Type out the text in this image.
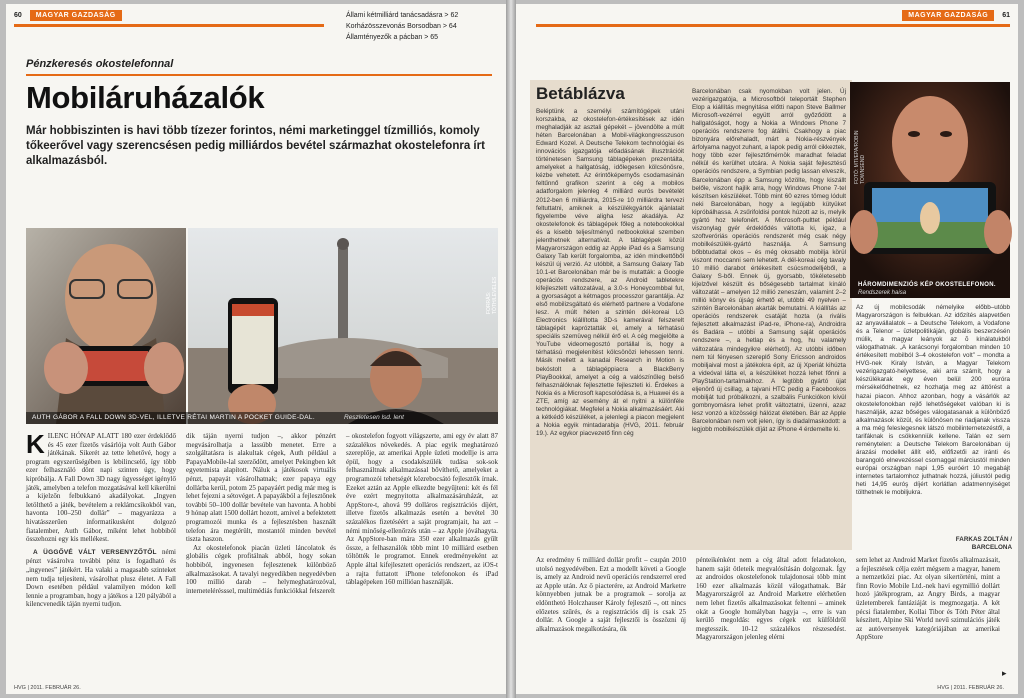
60 MAGYAR GAZDASÁG	Állami kétmilliárd tanácsadásra > 62
Korházösszevonás Borsodban > 64
Államtényezők a pácban > 65
Pénzkeresés okostelefonnal
Mobiláruházalók
Már hobbiszinten is havi több tízezer forintos, némi marketinggel tízmilliós, komoly tőkeerővel vagy szerencsésen pedig milliárdos bevétel származhat okostelefonra írt alkalmazásból.
FORRÁS: TÓTH/LEVELES
AUTH GÁBOR A FALL DOWN 3D-VEL, ILLETVE RÉTAI MARTIN A POCKET GUIDE-DAL.	Reszletesen lsd. lent
K ILENC HÓNAP ALATT 180 ezer érdeklődő és 45 ezer fizetős vásárlója volt Auth Gábor játékának. Sikerét az tette lehetővé, hogy a program egyszerűségében is lebilincselő, így több ezer felhasználó dönt napi szinten úgy, hogy kipróbálja. A Fall Down 3D nagy ügyességet igénylő játék, amelyben a telefon mozgatásával kell kikerülni a kijelzőn felbukkanó akadályokat. „Ingyen letölthető a játék, bevételem a reklámcsíkokból van, havonta 100–250 dollár” – magyarázza a hivatásszerűen informatikusként dolgozó fiatalember, Auth Gábor, míként lehet hobbiból összehozni egy kis mellékest.

A ÜGGŐVÉ VÁLT VERSENYZŐTŐL némi pénzt vásárolva további pénz is fogadható és „ingyenes” játékért. Ha valaki a magasabb szinteket nem tudja teljesíteni, vásárolhat plusz életet. A Fall Down esetében például valamilyen módon kell lennie a programban, hogy a játékos a 120 pályából a kilencvenedik táján nyerni tudjon.

dik táján nyerni tudjon –, akkor pénzért megvásárolhatja a lassúbb menetet. Erre a szolgáltatásra is alakultak cégek, Auth például a PapayaMobile-lal szerződött, amelyet Pekingben két egyetemista alapított. Náluk a játékosok virtuális pénzt, papayát vásárolhatnak; ezer papaya egy dollárba kerül, potom 25 papayáért pedig már meg is lehet fejezni a sétovéget. A papayákból a fejlesztőnek további 50–100 dollár bevétele van havonta. A hobbi 9 hónap alatt 1500 dollárt hozott, amivel a befektetett programozói munka és a fejlesztésben használt telefon ára megtérült, mostantól minden bevétel tiszta haszon.

Az okostelefonok piacán üzleti láncolatok és globális cégek profitálnak abból, hogy sokan hobbiból, ingyenesen fejlesztenek különböző alkalmazásokat. A tavalyi negyedikben negyedévben 100 millió darab – helymeghatározóval, internetelérésssel, multimédiás funkciókkal felszerelt

– okostelefon fogyott világszerte, ami egy év alatt 87 százalékos növekedés. A piac egyik meghatározó szereplője, az amerikai Apple üzleti modellje is arra épül, hogy a csodakészülék tudása sok-sok felhasználtnak alkalmazással bővíthető, amelyeket a programozói tehetségét közrebocsátó fejlesztők írnak. Ezeket aztán az Apple elkezdte begyűjteni: két és fél éve ezért megnyitotta alkalmazásáruházát, az AppStore-t, ahová 99 dolláros regisztrációs díjért, illetve fizetős alkalmazás esetén a bevétel 30 százalékos fizetéséért a saját programjait, ha azt – némi minőség-ellenőrzés után – az Apple jóváhagyta. Az AppStore-ban mára 350 ezer alkalmazás gyűlt össze, a felhasználók több mint 10 milliárd esetben töltötték le programot. Ennek eredményeként az Apple által kifejlesztett operációs rendszert, az iOS-t a rajta futtatott iPhone telefonokon és iPad táblagépeken 160 millióan használják.

HVG | 2011. FEBRUÁR 26.
MAGYAR GAZDASÁG 61
Betáblázva

Beléptünk a személyi számítógépek utáni korszakba, az okostelefon-értékesítések az idén meghaladják az asztali gépekét – jövendölte a múlt héten Barcelonában a Mobil-világkongresszuson Edward Kozel. A Deutsche Telekom technológiai és innovációs igazgatója előadásának illusztrációit történetesen Samsung táblagépeken prezentálta, amelyeket a hallgatóság, időlegesen kölcsönösre, kézbe vehetett. Az érintőképernyős csodamasinán feltűnnő grafikon szerint a cég a mobilos adatforgalom jelenleg 4 milliárd eurós bevételét 2012-ben 6 milliárdra, 2015-re 10 milliárdra tervezi feltuttatni, amiknek a készülékgyártók ajánlatait figyelembe véve aligha lesz akadálya. Az okostelefonok és táblagépek főleg a notebookokkal és a kisebb teljesítményű netbookokkal szemben jelenthetnek alternatívát. A táblagépek közül Magyarországon eddig az Apple iPad és a Samsung Galaxy Tab került forgalomba, az idén mindkettőből készül új verzió. Az utóbbit, a Samsung Galaxy Tab 10.1-et Barcelonában már be is mutatták: a Google operációs rendszere, az Android tabletekre kifejlesztett változatával, a 3.0-s Honeycombbal fut, a gyorsaságot a kétmagos processzor garantálja. Az első mobilizsgáltató és elérhető partnere a Vodafone lesz. A múlt héten a szintén dél-koreai LG Electronics kiállította 3D-s kamerával felszerelt táblagépét kapróztatták el, amely a térhatású speciális szemüveg nélkül érő el. A cég megjelölte a YouTube videomegosztó portállal is, hogy a térhatású megjelenítést kölcsönözi lehessen tenni. Másik mellett a kanadai Research in Motion is bekóstolt a táblagéppiacra a BlackBerry PlayBookkal, amelyet a cég a valószínűleg belső felhasználóknak fejlesztette fejleszteti ki. Érdekes a Nokia és a Microsoft kapcsolódása is, a Huawei és a ZTE, amíg az esemény át el nyitni a különféle technológiákat. Megfelel a Nokia alkalmazásáért. Aki a kétkédő készüléket, a jelenlegi a piacon megjelent a Nokia egyik mintadarabja (HVG, 2011. február 19.). Az egykor piacvezető finn cég

Barcelonában csak nyomokban volt jelen. Új vezérigazgatója, a Microsoftból teleportált Stephen Elop a kiállítás megnyitása előtti napon Steve Ballmer Microsoft-vezérrel együtt arról győződött a hallgatóságot, hogy a Nokia a Windows Phone 7 operációs rendszerre fog átállni. Csakhogy a piac bizonyára előrehaladt, márt a Nokia-részvények árfolyama nagyot zuhant, a lapok pedig arról cikkeztek, hogy több ezer fejlesztőmérnök maradhat feladat nélkül és kerülhet utcára. A Nokia saját fejlesztésű operációs rendszere, a Symbian pedig lassan elveszik, Barcelonában épp a Samsung közölte, hogy kiszállt belőle, viszont hajlik arra, hogy Windows Phone 7-tel készítsen készüléket. Több mint 60 ezres tömeg lódult neki Barcelonában, hogy a legújabb kütyüket kipróbálhassa. A zsűrifoldisi pontok húzott az is, melyik gyártó hoz telefonért. A Microsoft-pulttet például viszonylag gyér érdeklődés váltotta ki, igaz, a szoftveróriás operációs rendszerét még csak négy mobilkészülék-gyártó használja. A Samsung bőbbtudattal okos – és még okosabb mobilja körül viszont moccanni sem lehetett. A dél-koreai cég tavaly 10 millió darabot értékesített csúcsmodelljéből, a Galaxy S-ből. Ennek új, gyorsabb, tökéletesebb kijelzővel készült és bőségesebb tartalmat kínáló változatát – amelyen 12 millió zeneszám, valamint 2–2 millió könyv és újság érhető el, utóbbi 49 nyelven – szintén Barcelonában akarták bemutatni. A kiállítás az operációs rendszerek csatáját hozta (a rivális fejlesztett alkalmazást iPad-re, iPhone-ra), Androidra és Badára – utóbbi a Samsung saját operációs rendszere –, a hetlap és a hog, hu valamely változatára mindegyikre elérhető). Az utóbbi időben nem túl fényesen szereplő Sony Ericsson androidos mobiljaival most a játékokra épít, az új Xperiát kihúzta a videóval látta el, a készüléket hozzá lehet főnni a PlayStation-tartalmakhoz. A legtöbb gyártó újat eljenörő új csillag, a tajvani HTC pedig a Facebookos mobilját tud próbálkozni, a szalbális Funkciókon kívül gombnyomásra lehet profilt változtatni, üzenni, azaz lesz vonzó a közösségi hálózat életében. Bár az Apple Barcelonában nem volt jelen, így is diadalmaskodott: a legjobb mobilkészülék díját az iPhone 4 érdemelte ki.

FOTÓ: MTI/EPA/ROBIN TOWNSEND
HÁROMDIMENZIÓS KÉP OKOSTELEFONON.
Rendszerek haisa

Az új mobilcsodák némelyike előbb–utóbb Magyarországon is felbukkan. Az időzítés alapvetően az anyavállalatok – a Deutsche Telekom, a Vodafone és a Telenor – üzletpolitikáján, globális beszerzésén múlik, a magyar leányok az õ kínálatukból válogathatnak. „A karácsonyi forgalomban minden 10 értékesített mobilból 3–4 okostelefon volt” – mondta a HVG-nek Kiraly István, a Magyar Telekom vezérigazgató-helyettese, aki arra számít, hogy a készülékarak egy éven belül 200 euróra mérsékelődhetnek, ez hozhatja meg az áttörést a hazai piacon. Ahhoz azonban, hogy a vásárlók az okostelefonokban rejlő lehetőségeket valóban ki is használják, azaz bőséges válogatasanak a különböző alkalmazások közül, és különösen ne riadjanak vissza a ma még feleslegesnek látszó mobilinternetezéstől, a tarifáknak is csökkenniük kellene. Talán ez sem reménytelen: a Deutsche Telekom Barcelonában új árazási modellet állít elő, előfizetői az iránti és barangoló elnevezéssel csomaggal márciustól minden európai országban napi 1,95 euróért 10 megabájt internetes tartalomhoz juthatnak hozzá, júliustól pedig heti 14,95 euróş díjért korlátlan adatmennyiséget tölthetnek le mobiljukra.

FARKAS ZOLTÁN / BARCELONA

Az eredmény 6 milliárd dollár profit – csupán 2010 utolsó negyedévében. Ezt a modellt követi a Google is, amely az Android nevű operációs rendszerrel ered az Apple után. Az ő piacterére, az Android Marketre könnyebben jutnak be a programok – sorolja az eldönthetó Holczhauser Károly fejlesztő –, ott nincs előzetes szűrés, és a regisztrációs díj is csak 25 dollár. A Google a saját fejlesztői is összözni új alkalmazások megalkotására, ők

pénteikénként nem a cég által adott feladatokon, hanem saját ötleteik megvalósításán dolgoznak. Így az androidos okostelefonok tulajdonosai több mint 160 ezer alkalmazás közül válogathatnak. Bár Magyarországról az Android Marketre elérhetően nem lehet fizetős alkalmazásokat feltenni – aminek okát a Google homályban hagyja –, erre is van kerülő megoldás: egyes cégek ezt külföldről megtesszik. 10-12 százalékos részesedést. Magyarországon jelenleg elérni

sem lehet az Android Market fizetős alkalmazásait, a fejlesztések célja ezért mégsem a magyar, hanem a nemzetközi piac. Az olyan sikertörténi, mint a finn Rovio Mobile Ltd.-nek havi egymillió dollárt hozó játékprogram, az Angry Birds, a magyar üzletemberek fantáziáját is megmozgatja. A két pécsi fiatalember, Kollai Tibor és Tóth Péter által készített, Alpine Ski World nevű szimulációs játék az autóversenyek kategóriájában az amerikai AppStore

▸
HVG | 2011. FEBRUÁR 26.
